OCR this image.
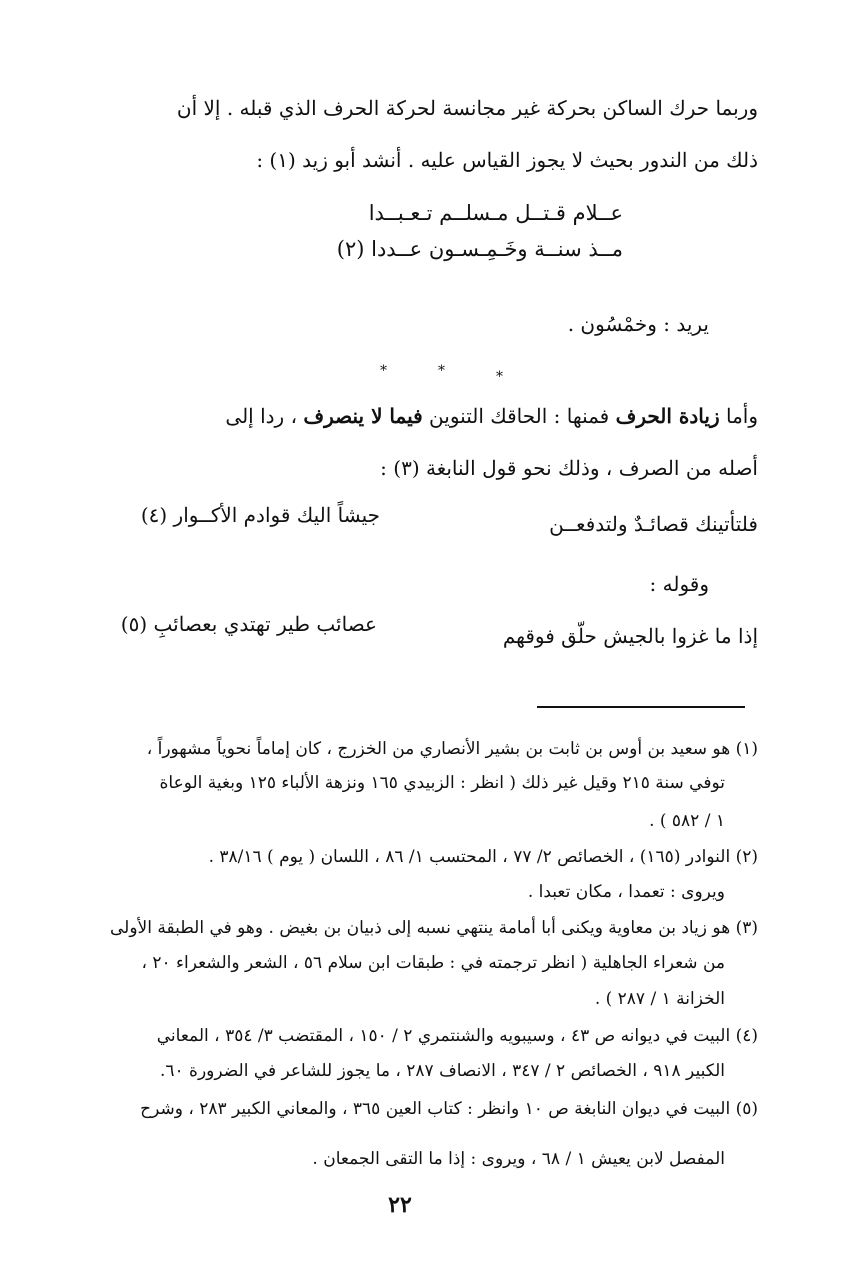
وربما حرك الساكن بحركة غير مجانسة لحركة الحرف الذي قبله . إلا أن
ذلك من الندور بحيث لا يجوز القياس عليه . أنشد أبو زيد (١) :
عــلام قـتــل مـسلــم تـعـبــدا
مــذ سنــة وخَـمِـسـون عــددا (٢)
يريد : وخمْسُون .
*	*	*
وأما زيادة الحرف فمنها : الحاقك التنوين فيما لا ينصرف ، ردا إلى
أصله من الصرف ، وذلك نحو قول النابغة (٣) :
فلتأتينك قصائـدٌ ولتدفعــن
جيشاً اليك قوادم الأكــوار (٤)
وقوله :
إذا ما غزوا بالجيش حلّق فوقهم
عصائب طير تهتدي بعصائبِ (٥)
(١) هو سعيد بن أوس بن ثابت بن بشير الأنصاري من الخزرج ، كان إماماً نحوياً مشهوراً ،
توفي سنة ٢١٥ وقيل غير ذلك ( انظر : الزبيدي ١٦٥ ونزهة الألباء ١٢٥ وبغية الوعاة
١ / ٥٨٢ ) .
(٢) النوادر (١٦٥) ، الخصائص ٢/ ٧٧ ، المحتسب ١/ ٨٦ ، اللسان ( يوم ) ٣٨/١٦ .
ويروى : تعمدا ، مكان تعبدا .
(٣) هو زياد بن معاوية ويكنى أبا أمامة ينتهي نسبه إلى ذبيان بن بغيض . وهو في الطبقة الأولى
من شعراء الجاهلية ( انظر ترجمته في : طبقات ابن سلام ٥٦ ، الشعر والشعراء ٢٠ ،
الخزانة ١ / ٢٨٧ ) .
(٤) البيت في ديوانه ص ٤٣ ، وسيبويه والشنتمري ٢ / ١٥٠ ، المقتضب ٣/ ٣٥٤ ، المعاني
الكبير ٩١٨ ، الخصائص ٢ / ٣٤٧ ، الانصاف ٢٨٧ ، ما يجوز للشاعر في الضرورة ٦٠.
(٥) البيت في ديوان النابغة ص ١٠ وانظر : كتاب العين ٣٦٥ ، والمعاني الكبير ٢٨٣ ، وشرح
المفصل لابن يعيش ١ / ٦٨ ، ويروى : إذا ما التقى الجمعان .
٢٢
